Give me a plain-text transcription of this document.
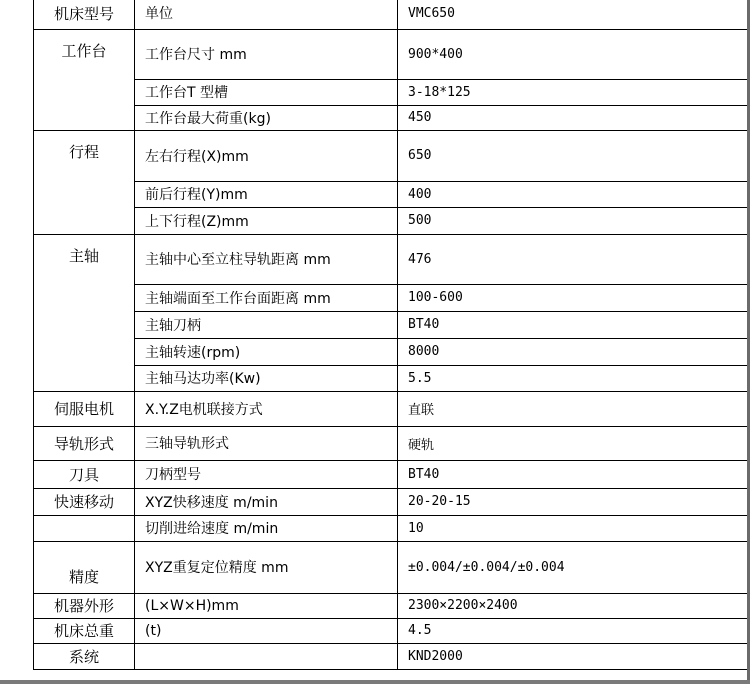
机床型号	单位	VMC650
工作台	工作台尺寸 mm	900*400
	工作台T 型槽	3-18*125
	工作台最大荷重(kg)	450
行程	左右行程(X)mm	650
	前后行程(Y)mm	400
	上下行程(Z)mm	500
主轴	主轴中心至立柱导轨距离 mm	476
	主轴端面至工作台面距离 mm	100-600
	主轴刀柄	BT40
	主轴转速(rpm)	8000
	主轴马达功率(Kw)	5.5
伺服电机	X.Y.Z电机联接方式	直联
导轨形式	三轴导轨形式	硬轨
刀具	刀柄型号	BT40
快速移动	XYZ快移速度 m/min	20-20-15
	切削进给速度 m/min	10
精度	XYZ重复定位精度 mm	±0.004/±0.004/±0.004
机器外形	(L×W×H)mm	2300×2200×2400
机床总重	(t)	4.5
系统		KND2000
